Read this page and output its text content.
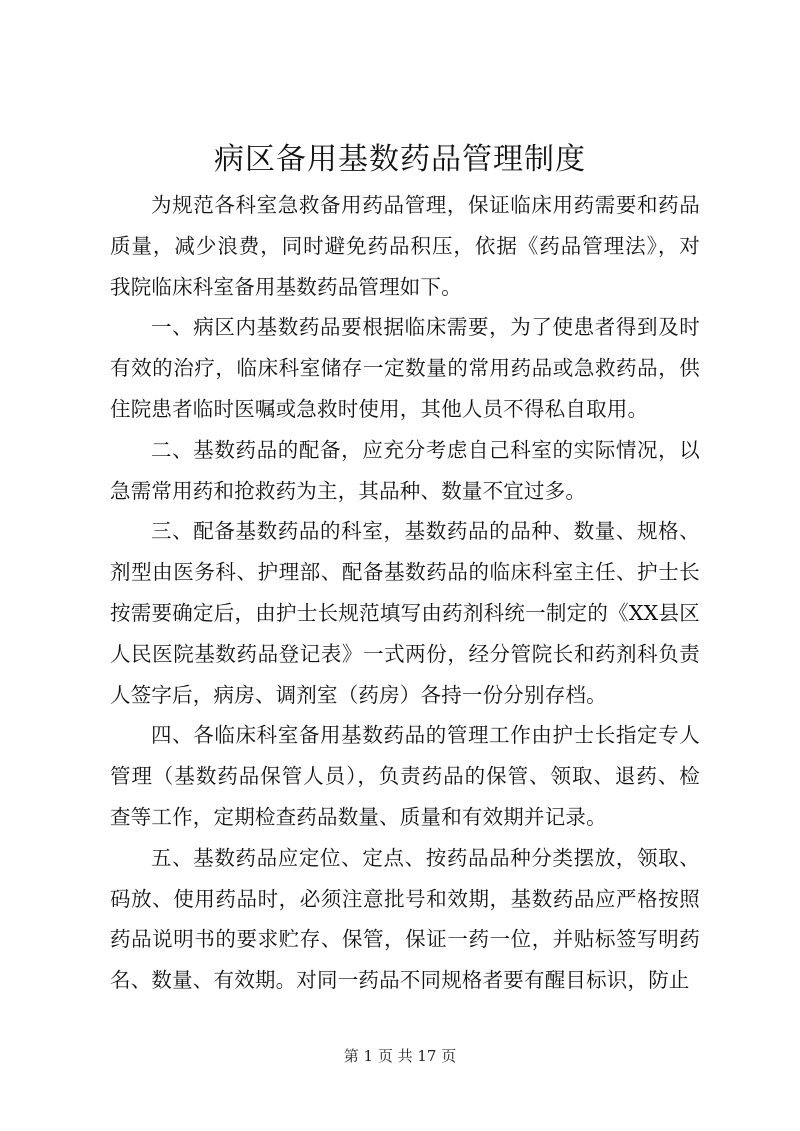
病区备用基数药品管理制度

为规范各科室急救备用药品管理，保证临床用药需要和药品质量，减少浪费，同时避免药品积压，依据《药品管理法》，对我院临床科室备用基数药品管理如下。

一、病区内基数药品要根据临床需要，为了使患者得到及时有效的治疗，临床科室储存一定数量的常用药品或急救药品，供住院患者临时医嘱或急救时使用，其他人员不得私自取用。

二、基数药品的配备，应充分考虑自己科室的实际情况，以急需常用药和抢救药为主，其品种、数量不宜过多。

三、配备基数药品的科室，基数药品的品种、数量、规格、剂型由医务科、护理部、配备基数药品的临床科室主任、护士长按需要确定后，由护士长规范填写由药剂科统一制定的《XX县区人民医院基数药品登记表》一式两份，经分管院长和药剂科负责人签字后，病房、调剂室（药房）各持一份分别存档。

四、各临床科室备用基数药品的管理工作由护士长指定专人管理（基数药品保管人员），负责药品的保管、领取、退药、检查等工作，定期检查药品数量、质量和有效期并记录。

五、基数药品应定位、定点、按药品品种分类摆放，领取、码放、使用药品时，必须注意批号和效期，基数药品应严格按照药品说明书的要求贮存、保管，保证一药一位，并贴标签写明药名、数量、有效期。对同一药品不同规格者要有醒目标识，防止

第 1 页 共 17 页
